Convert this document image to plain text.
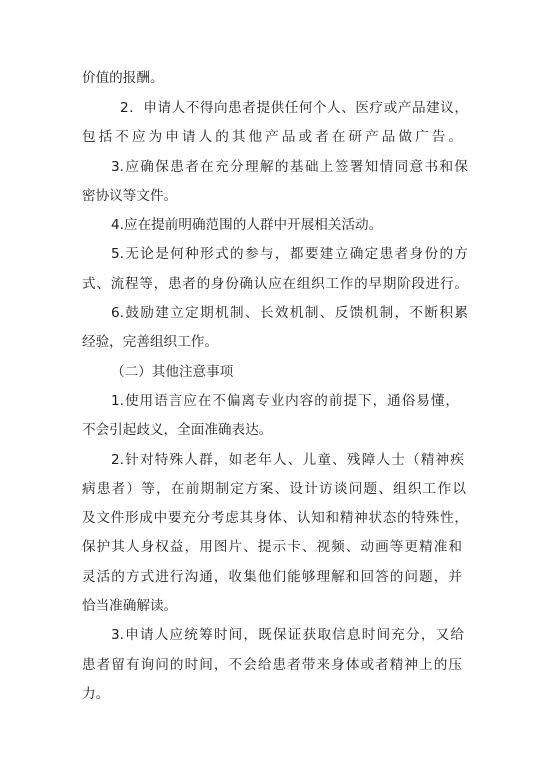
价值的报酬。
2．申请人不得向患者提供任何个人、医疗或产品建议，
包括不应为申请人的其他产品或者在研产品做广告。
3.应确保患者在充分理解的基础上签署知情同意书和保
密协议等文件。
4.应在提前明确范围的人群中开展相关活动。
5.无论是何种形式的参与，都要建立确定患者身份的方
式、流程等，患者的身份确认应在组织工作的早期阶段进行。
6.鼓励建立定期机制、长效机制、反馈机制，不断积累
经验，完善组织工作。
（二）其他注意事项
1.使用语言应在不偏离专业内容的前提下，通俗易懂，
不会引起歧义，全面准确表达。
2.针对特殊人群，如老年人、儿童、残障人士（精神疾
病患者）等，在前期制定方案、设计访谈问题、组织工作以
及文件形成中要充分考虑其身体、认知和精神状态的特殊性，
保护其人身权益，用图片、提示卡、视频、动画等更精准和
灵活的方式进行沟通，收集他们能够理解和回答的问题，并
恰当准确解读。
3.申请人应统筹时间，既保证获取信息时间充分，又给
患者留有询问的时间，不会给患者带来身体或者精神上的压
力。
